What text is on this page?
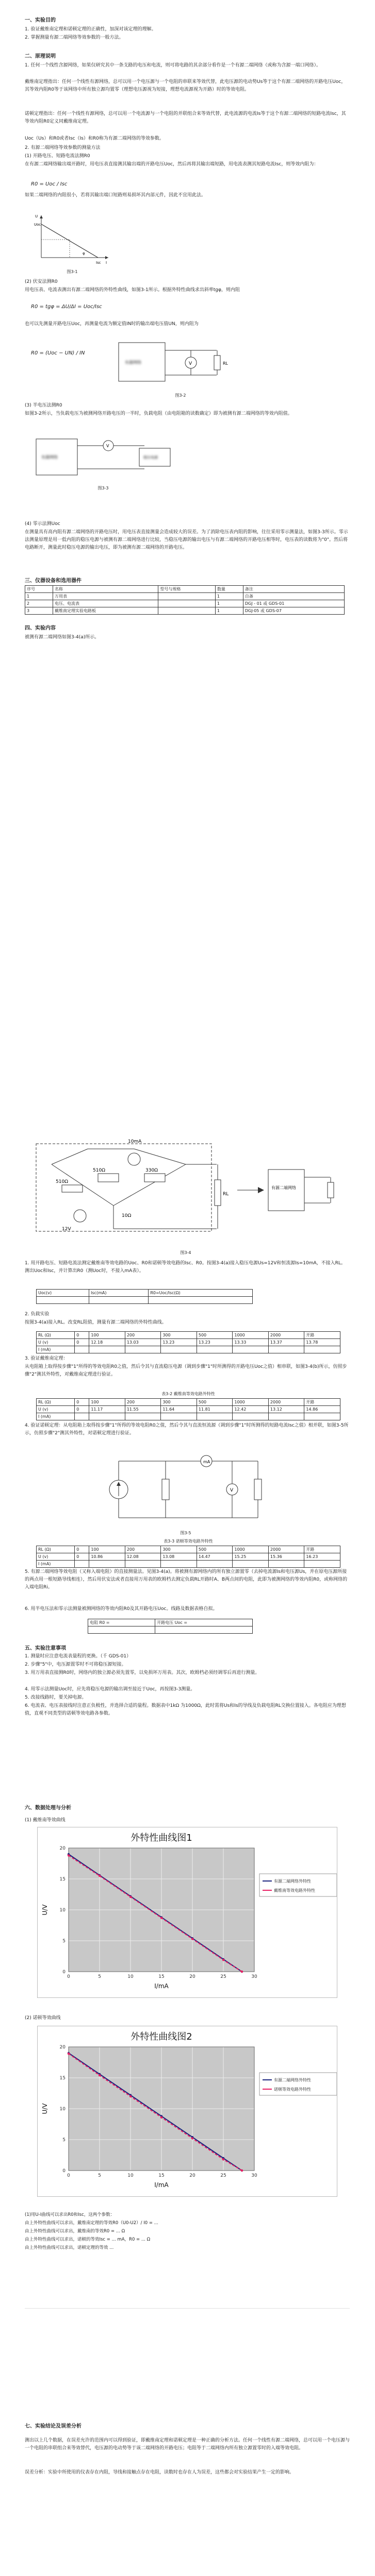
一、实验目的

1. 验证戴维南定理和诺顿定理的正确性，加深对该定理的理解。

2. 掌握测量有源二端网络等效参数的一般方法。

二、原理说明

1. 任何一个线性含源网络，如果仅研究其中一条支路的电压和电流，则可将电路的其余部分看作是一个有源二端网络（或称为含源一端口网络）。

戴维南定理指出：任何一个线性有源网络，总可以用一个电压源与一个电阻的串联来等效代替，此电压源的电动势Us等于这个有源二端网络的开路电压Uoc，其等效内阻R0等于该网络中所有独立源均置零（理想电压源视为短接，理想电流源视为开路）时的等效电阻。

诺顿定理指出：任何一个线性有源网络，总可以用一个电流源与一个电阻的并联组合来等效代替，此电流源的电流Is等于这个有源二端网络的短路电流Isc，其等效内阻R0定义同戴维南定理。

Uoc（Us）和R0或者Isc（Is）和R0称为有源二端网络的等效参数。

2. 有源二端网络等效参数的测量方法

(1) 开路电压、短路电流法测R0

在有源二端网络输出端开路时，用电压表直接测其输出端的开路电压Uoc，然后再将其输出端短路，用电流表测其短路电流Isc，则等效内阻为：

R0 = Uoc / Isc

如果二端网络的内阻很小，若将其输出端口短路则易损坏其内部元件，因此不宜用此法。

Uoc
Isc I
U
φ
图3-1

(2) 伏安法测R0

用电压表、电流表测出有源二端网络的外特性曲线，如图3-1所示。根据外特性曲线求出斜率tgφ，则内阻

R0 = tgφ = ΔU/ΔI = Uoc/Isc

也可以先测量开路电压Uoc，再测量电流为额定值IN时的输出端电压值UN，则内阻为

R0 = (Uoc − UN) / IN
有源网络	V	RL
图3-2

(3) 半电压法测R0

如图3-2所示，当负载电压为被测网络开路电压的一半时，负载电阻（由电阻箱的读数确定）即为被测有源二端网络的等效内阻值。

有源网络
V
稳压电源
图3-3

(4) 零示法测Uoc

在测量具有高内阻有源二端网络的开路电压时，用电压表直接测量会造成较大的误差。为了消除电压表内阻的影响，往往采用零示测量法，如图3-3所示。零示法测量原理是用一低内阻的稳压电源与被测有源二端网络进行比较，当稳压电源的输出电压与有源二端网络的开路电压相等时，电压表的读数将为"0"。然后将电路断开，测量此时稳压电源的输出电压，即为被测有源二端网络的开路电压。

三、仪器设备和选用器件
序号	名称	型号与规格	数量	备注
1	万用表		1	自备
2	电压、电流表		1	DGJ - 01 或 GDS-01
3	戴维南定理实验电路板		1	DGJ-05 或 GDS-07
四、实验内容

被测有源二端网络如图3-4(a)所示。

510Ω	330Ω
10mA
RL
12V
510Ω
10Ω
有源二端网络
图3-4

1. 用开路电压、短路电流法测定戴维南等效电路的Uoc、R0和诺顿等效电路的Isc、R0。按图3-4(a)接入稳压电源Us=12V和恒流源Is=10mA，不接入RL。测出Uoc和Isc，并计算出R0（测Uoc时，不接入mA表）。

Uoc(v)	Isc(mA)	R0=Uoc/Isc(Ω)

2. 负载实验

按图3-4(a)接入RL。改变RL阻值，测量有源二端网络的外特性曲线。

RL (Ω)	0	100	200	300	500	1000	2000	开路
U (v)	0	12.18	13.03	13.23	13.23	13.33	13.37	13.78
I (mA)								

3. 验证戴维南定理：

从电阻箱上取得按步骤"1"所得的等效电阻R0之值，然后令其与直流稳压电源（调到步骤"1"时所测得的开路电压Uoc之值）相串联，如图3-4(b)所示，仿照步骤"2"测其外特性，对戴维南定理进行验证。

表3-2 戴维南等效电路外特性
RL (Ω)	0	100	200	300	500	1000	2000	开路
U (v)	0	11.17	11.55	11.64	11.81	12.42	13.12	14.86
I (mA)								

4. 验证诺顿定理：从电阻箱上取得按步骤"1"所得的等效电阻R0之值，然后令其与直流恒流源（调到步骤"1"时所测得的短路电流Isc之值）相并联，如图3-5所示，仿照步骤"2"测其外特性，对诺顿定理进行验证。

mA
V
图3-5
表3-3 诺顿等效电路外特性
RL (Ω)	0	100	200	300	500	1000	2000	开路
U (v)	0	10.86	12.08	13.08	14.47	15.25	15.36	16.23
I (mA)								

5. 有源二端网络等效电阻（又称入端电阻）的直接测量法。见图3-4(a)。将被测有源网络内的所有独立源置零（去掉电流源Is和电压源Us，并在原电压源所接的两点用一根短路导线相连），然后用伏安法或者直接用万用表的欧姆档去测定负载RL开路时A、B两点间的电阻，此即为被测网络的等效内阻R0，或称网络的入端电阻Ri。

6. 用半电压法和零示法测量被测网络的等效内阻R0及其开路电压Uoc。线路及数据表格自拟。

电阻 R0 =	开路电压 Uoc =

五、实验注意事项

1. 测量时应注意电流表量程的更换。（千 GDS-01）

2. 步骤"5"中，电压源置零时不可将稳压源短接。

3. 用万用表直接测R0时，网络内的独立源必须先置零，以免损坏万用表。其次，欧姆档必须经调零后再进行测量。

4. 用零示法测量Uoc时，应先将稳压电源的输出调至接近于Uoc，再按图3-3测量。

5. 改接线路时，要关掉电源。

6. 电流表、电压表接线时注意正负极性，并选择合适的量程。数据表中1kΩ 为1000Ω，此时需将Us和Is的导线及负载电阻RL交换位置接入。各电阻应为理想值，直观不同类型的诺顿等效电路各参数。

六、数据处理与分析

(1) 戴维南等效曲线

0
5
10
15
20
0	5	10	15	20	25	30
外特性曲线图1
I/mA
U/V
有源二端网络外特性
戴维南等效电路外特性

(2) 诺顿等效曲线

0
5
10
15
20
0	5	10	15	20	25	30
外特性曲线图2
I/mA
U/V
有源二端网络外特性
诺顿等效电路外特性

(1)用U-I曲线可以求出R0和Isc，这两个参数：

由上外特性曲线可以求出，戴维南定理的等效R0（U0-U2）/ I0 = ...

由上外特性曲线可以求出，戴维南的等效R0 = ... Ω

由上外特性曲线可以求出，诺顿的等效Isc = ... mA，R0 = ... Ω

由上外特性曲线可以求出，诺顿定理的等效 ...

七、实验结论及误差分析

测出以上几个数据，在误差允许的范围内可以得到验证，即戴维南定理和诺顿定理是一种正确的分析方法。任何一个线性有源二端网络，总可以用一个电压源与一个电阻的串联组合来等效替代，电压源的电动势等于该二端网络的开路电压；电阻等于二端网络内所有独立源置零时的入端等效电阻。

误差分析：实验中所使用的仪表存在内阻，导线和接触点存在电阻，读数时也存在人为误差，这些都会对实验结果产生一定的影响。
